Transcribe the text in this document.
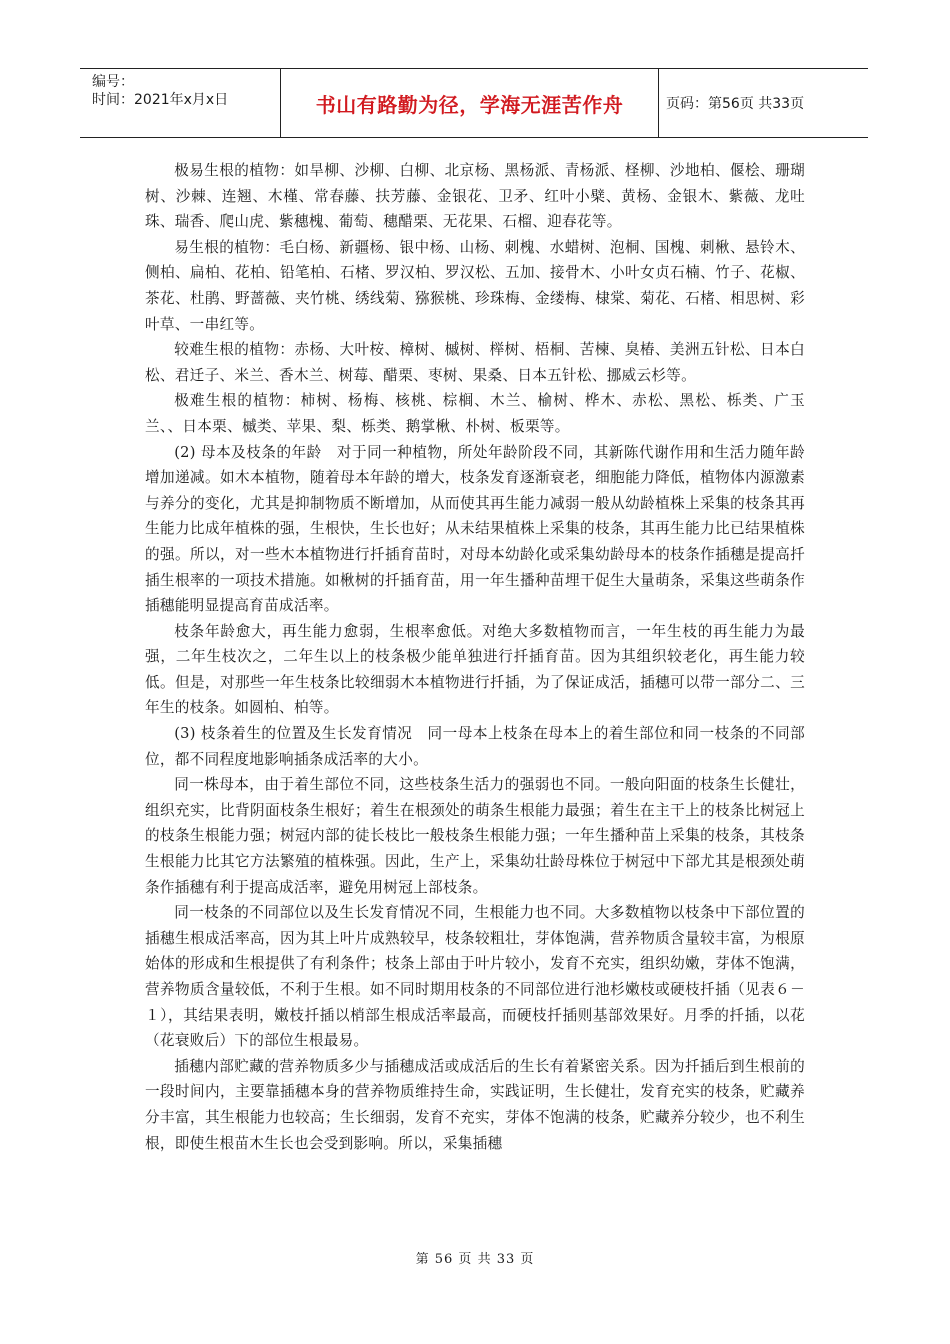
编号：
时间：2021年x月x日	书山有路勤为径，学海无涯苦作舟	页码：第56页 共33页

极易生根的植物：如旱柳、沙柳、白柳、北京杨、黑杨派、青杨派、柽柳、沙地柏、偃桧、珊瑚树、沙棘、连翘、木槿、常春藤、扶芳藤、金银花、卫矛、红叶小檗、黄杨、金银木、紫薇、龙吐珠、瑞香、爬山虎、紫穗槐、葡萄、穗醋栗、无花果、石榴、迎春花等。

易生根的植物：毛白杨、新疆杨、银中杨、山杨、刺槐、水蜡树、泡桐、国槐、刺楸、悬铃木、侧柏、扁柏、花柏、铅笔柏、石楮、罗汉柏、罗汉松、五加、接骨木、小叶女贞石楠、竹子、花椒、茶花、杜鹃、野蔷薇、夹竹桃、绣线菊、猕猴桃、珍珠梅、金缕梅、棣棠、菊花、石楮、相思树、彩叶草、一串红等。

较难生根的植物：赤杨、大叶桉、樟树、槭树、榉树、梧桐、苦楝、臭椿、美洲五针松、日本白松、君迁子、米兰、香木兰、树莓、醋栗、枣树、果桑、日本五针松、挪威云杉等。

极难生根的植物：柿树、杨梅、核桃、棕榈、木兰、榆树、桦木、赤松、黑松、栎类、广玉兰、、日本栗、槭类、苹果、梨、栎类、鹅掌楸、朴树、板栗等。

(2) 母本及枝条的年龄　对于同一种植物，所处年龄阶段不同，其新陈代谢作用和生活力随年龄增加递减。如木本植物，随着母本年龄的增大，枝条发育逐渐衰老，细胞能力降低，植物体内源激素与养分的变化，尤其是抑制物质不断增加，从而使其再生能力减弱一般从幼龄植株上采集的枝条其再生能力比成年植株的强，生根快，生长也好；从未结果植株上采集的枝条，其再生能力比已结果植株的强。所以，对一些木本植物进行扦插育苗时，对母本幼龄化或采集幼龄母本的枝条作插穗是提高扦插生根率的一项技术措施。如楸树的扦插育苗，用一年生播种苗埋干促生大量萌条，采集这些萌条作插穗能明显提高育苗成活率。

枝条年龄愈大，再生能力愈弱，生根率愈低。对绝大多数植物而言，一年生枝的再生能力为最强，二年生枝次之，二年生以上的枝条极少能单独进行扦插育苗。因为其组织较老化，再生能力较低。但是，对那些一年生枝条比较细弱木本植物进行扦插，为了保证成活，插穗可以带一部分二、三年生的枝条。如圆柏、柏等。

(3) 枝条着生的位置及生长发育情况　同一母本上枝条在母本上的着生部位和同一枝条的不同部位，都不同程度地影响插条成活率的大小。

同一株母本，由于着生部位不同，这些枝条生活力的强弱也不同。一般向阳面的枝条生长健壮，组织充实，比背阴面枝条生根好；着生在根颈处的萌条生根能力最强；着生在主干上的枝条比树冠上的枝条生根能力强；树冠内部的徒长枝比一般枝条生根能力强；一年生播种苗上采集的枝条，其枝条生根能力比其它方法繁殖的植株强。因此，生产上，采集幼壮龄母株位于树冠中下部尤其是根颈处萌条作插穗有利于提高成活率，避免用树冠上部枝条。

同一枝条的不同部位以及生长发育情况不同，生根能力也不同。大多数植物以枝条中下部位置的插穗生根成活率高，因为其上叶片成熟较早，枝条较粗壮，芽体饱满，营养物质含量较丰富，为根原始体的形成和生根提供了有利条件；枝条上部由于叶片较小，发育不充实，组织幼嫩，芽体不饱满，营养物质含量较低，不利于生根。如不同时期用枝条的不同部位进行池杉嫩枝或硬枝扦插（见表６－１），其结果表明，嫩枝扦插以梢部生根成活率最高，而硬枝扦插则基部效果好。月季的扦插，以花（花衰败后）下的部位生根最易。

插穗内部贮藏的营养物质多少与插穗成活或成活后的生长有着紧密关系。因为扦插后到生根前的一段时间内，主要靠插穗本身的营养物质维持生命，实践证明，生长健壮，发育充实的枝条，贮藏养分丰富，其生根能力也较高；生长细弱，发育不充实，芽体不饱满的枝条，贮藏养分较少，也不利生根，即使生根苗木生长也会受到影响。所以，采集插穗

第 56 页 共 33 页
